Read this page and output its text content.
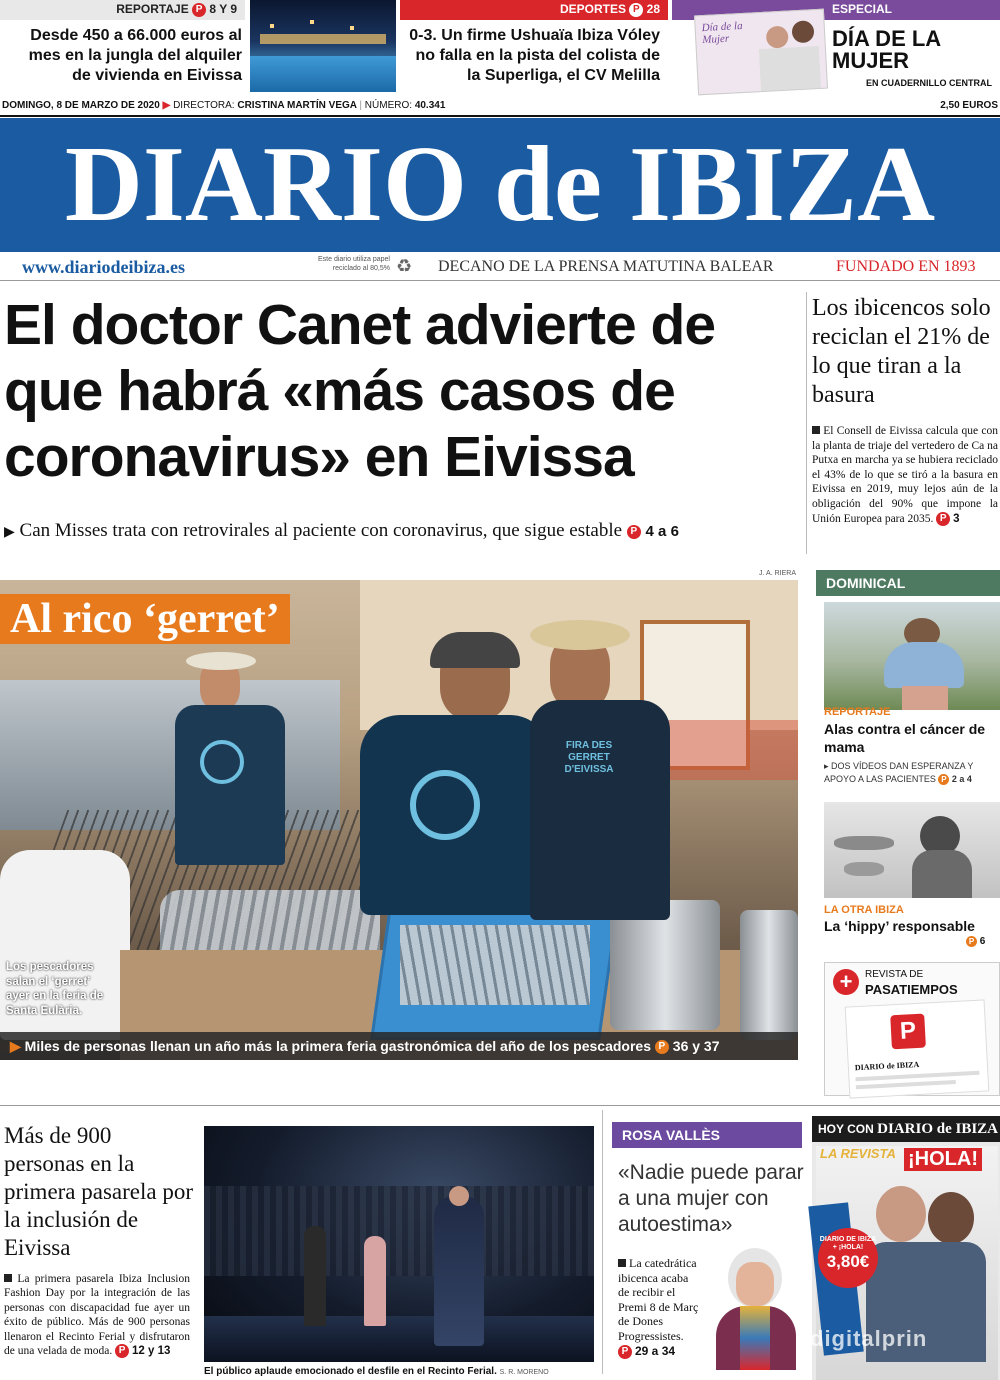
REPORTAJE P 8 Y 9
Desde 450 a 66.000 euros al mes en la jungla del alquiler de vivienda en Eivissa
DEPORTES P 28
0-3. Un firme Ushuaïa Ibiza Vóley no falla en la pista del colista de la Superliga, el CV Melilla
ESPECIAL
Día de la Mujer	DÍA DE LA MUJER
EN CUADERNILLO CENTRAL
DOMINGO, 8 DE MARZO DE 2020 ▶ DIRECTORA: CRISTINA MARTÍN VEGA | NÚMERO: 40.341	2,50 EUROS
DIARIO de IBIZA
www.diariodeibiza.es	Este diario utiliza papel reciclado al 80,5% ♻ DECANO DE LA PRENSA MATUTINA BALEAR	FUNDADO EN 1893
El doctor Canet advierte de que habrá «más casos de coronavirus» en Eivissa
▶ Can Misses trata con retrovirales al paciente con coronavirus, que sigue estable P 4 a 6
Los ibicencos solo reciclan el 21% de lo que tiran a la basura
El Consell de Eivissa calcula que con la planta de triaje del vertedero de Ca na Putxa en marcha ya se hubiera reciclado el 43% de lo que se tiró a la basura en Eivissa en 2019, muy lejos aún de la obligación del 90% que impone la Unión Europea para 2035. P 3
J. A. RIERA
FIRA DES GERRET D'EIVISSA
Al rico ‘gerret’
Los pescadores salan el ‘gerret’ ayer en la feria de Santa Eulària.
▶ Miles de personas llenan un año más la primera feria gastronómica del año de los pescadores P 36 y 37
DOMINICAL
REPORTAJE
Alas contra el cáncer de mama
▸ DOS VÍDEOS DAN ESPERANZA Y APOYO A LAS PACIENTES P 2 a 4
LA OTRA IBIZA
La ‘hippy’ responsable
P 6
+	REVISTA DE
PASATIEMPOS
P
DIARIO de IBIZA
Más de 900 personas en la primera pasarela por la inclusión de Eivissa
La primera pasarela Ibiza Inclusion Fashion Day por la integración de las personas con discapacidad fue ayer un éxito de público. Más de 900 personas llenaron el Recinto Ferial y disfrutaron de una velada de moda. P 12 y 13
El público aplaude emocionado el desfile en el Recinto Ferial. S. R. MORENO
ROSA VALLÈS
«Nadie puede parar a una mujer con autoestima»
La catedrática ibicenca acaba de recibir el Premi 8 de Març de Dones Progressistes. P 29 a 34
HOY CON DIARIO de IBIZA
LA REVISTA ¡HOLA!
DIARIO DE IBIZA + ¡HOLA!
3,80€
digitalprin
